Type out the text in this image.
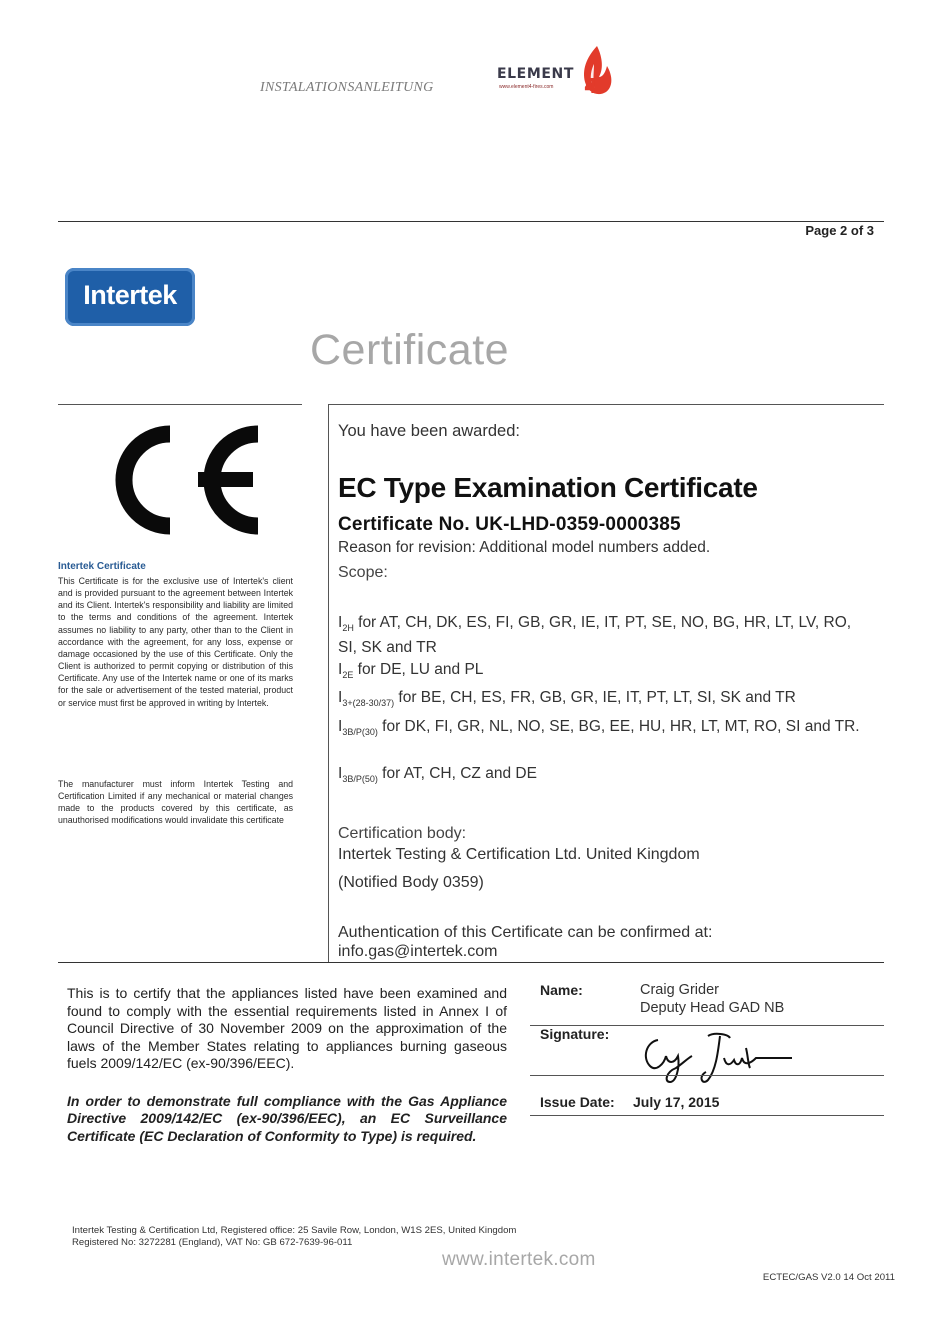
INSTALATIONSANLEITUNG
ELEMENT
www.element4-fires.com 4
Page 2 of 3
Intertek
Certificate
Intertek Certificate
This Certificate is for the exclusive use of Intertek's client and is provided pursuant to the agreement between Intertek and its Client. Intertek's responsibility and liability are limited to the terms and conditions of the agreement. Intertek assumes no liability to any party, other than to the Client in accordance with the agreement, for any loss, expense or damage occasioned by the use of this Certificate. Only the Client is authorized to permit copying or distribution of this Certificate. Any use of the Intertek name or one of its marks for the sale or advertisement of the tested material, product or service must first be approved in writing by Intertek.
The manufacturer must inform Intertek Testing and Certification Limited if any mechanical or material changes made to the products covered by this certificate, as unauthorised modifications would invalidate this certificate
You have been awarded:
EC Type Examination Certificate
Certificate No. UK-LHD-0359-0000385
Reason for revision: Additional model numbers added.
Scope:
$I_{2H}$ for AT, CH, DK, ES, FI, GB, GR, IE, IT, PT, SE, NO, BG, HR, LT, LV, RO, SI, SK and TR
$I_{2E}$ for DE, LU and PL
$I_{3+(28-30/37)}$ for BE, CH, ES, FR, GB, GR, IE, IT, PT, LT, SI, SK and TR
$I_{3B/P(30)}$ for DK, FI, GR, NL, NO, SE, BG, EE, HU, HR, LT, MT, RO, SI and TR.
$I_{3B/P(50)}$ for AT, CH, CZ and DE
Certification body:
Intertek Testing & Certification Ltd. United Kingdom
(Notified Body 0359)
Authentication of this Certificate can be confirmed at:
info.gas@intertek.com
This is to certify that the appliances listed have been examined and found to comply with the essential requirements listed in Annex I of Council Directive of 30 November 2009 on the approximation of the laws of the Member States relating to appliances burning gaseous fuels 2009/142/EC (ex-90/396/EEC).
In order to demonstrate full compliance with the Gas Appliance Directive 2009/142/EC (ex-90/396/EEC), an EC Surveillance Certificate (EC Declaration of Conformity to Type) is required.
Name:	Craig Grider
Deputy Head GAD NB
Signature:
Issue Date: July 17, 2015
Intertek Testing & Certification Ltd, Registered office: 25 Savile Row, London, W1S 2ES, United Kingdom
Registered No: 3272281 (England), VAT No: GB 672-7639-96-011
www.intertek.com
ECTEC/GAS V2.0 14 Oct 2011
